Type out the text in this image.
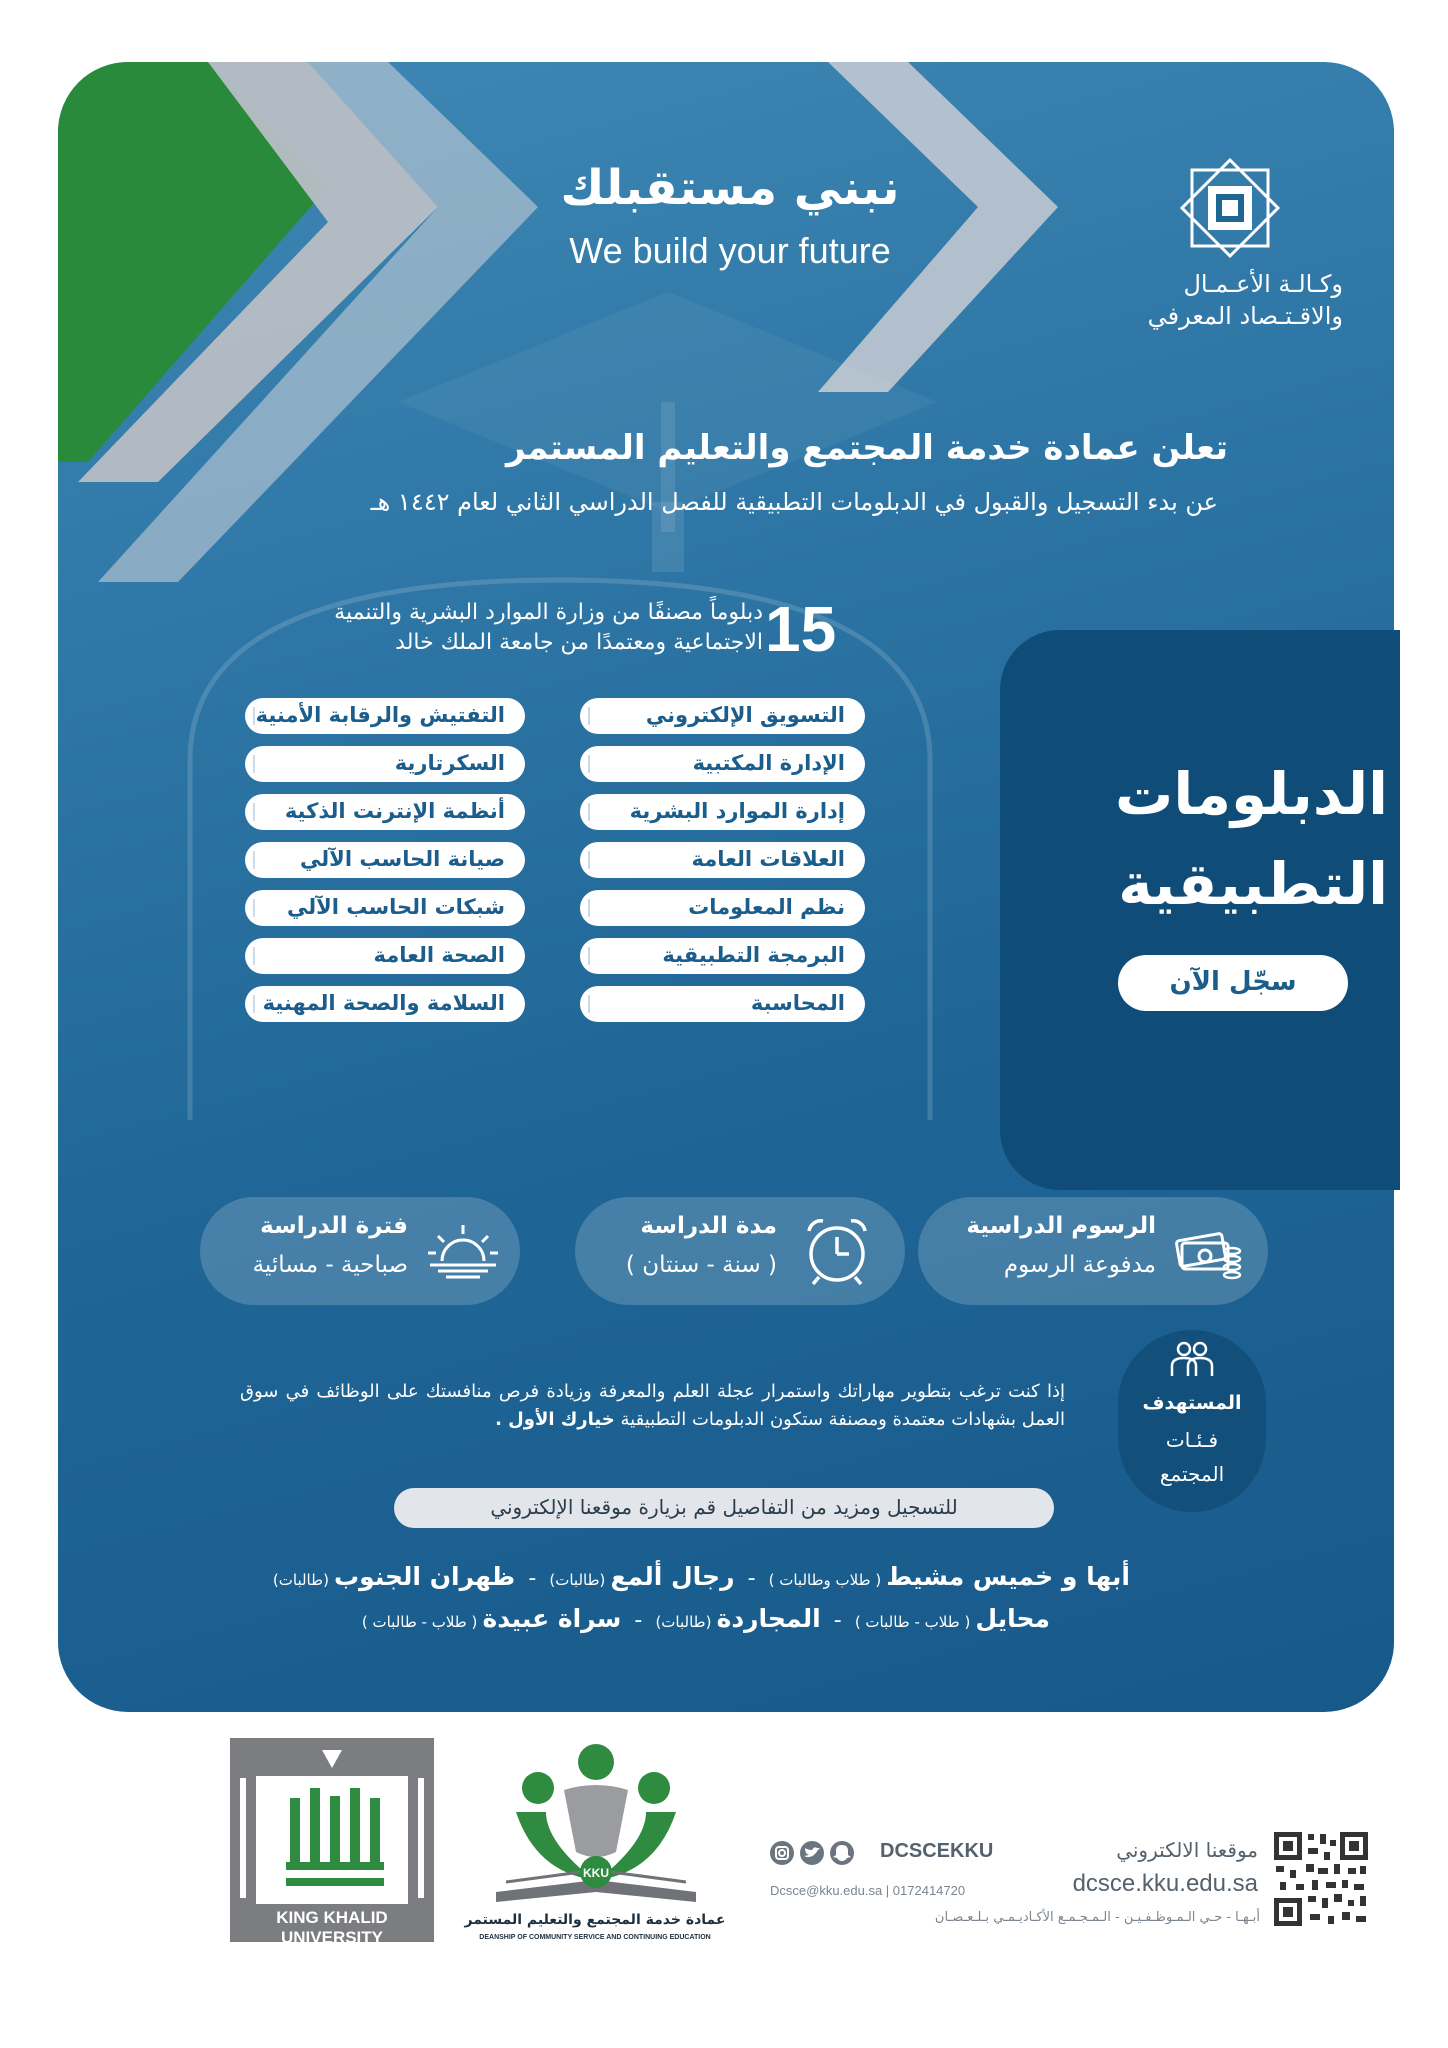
نبني مستقبلك
We build your future
وكـالـة الأعـمـال
والاقـتـصاد المعرفي
تعلن عمادة خدمة المجتمع والتعليم المستمر
عن بدء التسجيل والقبول في الدبلومات التطبيقية للفصل الدراسي الثاني لعام ١٤٤٢ هـ
15
دبلوماً مصنفًا من وزارة الموارد البشرية والتنمية
الاجتماعية ومعتمدًا من جامعة الملك خالد
التسويق الإلكتروني
الإدارة المكتبية
إدارة الموارد البشرية
العلاقات العامة
نظم المعلومات
البرمجة التطبيقية
المحاسبة
التفتيش والرقابة الأمنية
السكرتارية
أنظمة الإنترنت الذكية
صيانة الحاسب الآلي
شبكات الحاسب الآلي
الصحة العامة
السلامة والصحة المهنية
الدبلومات
التطبيقية
سجّل الآن
الرسوم الدراسية
مدفوعة الرسوم
مدة الدراسة
( سنة - سنتان )
فترة الدراسة
صباحية - مسائية
المستهدف
فـئـات
المجتمع
إذا كنت ترغب بتطوير مهاراتك واستمرار عجلة العلم والمعرفة وزيادة فرص منافستك على الوظائف في سوق العمل بشهادات معتمدة ومصنفة ستكون الدبلومات التطبيقية خيارك الأول .
للتسجيل ومزيد من التفاصيل قم بزيارة موقعنا الإلكتروني
أبها و خميس مشيط ( طلاب وطالبات ) - رجال ألمع (طالبات) - ظهران الجنوب (طالبات)
محايل ( طلاب - طالبات ) - المجاردة (طالبات) - سراة عبيدة ( طلاب - طالبات )
KING KHALID UNIVERSITY
KKU
عمادة خدمة المجتمع والتعليم المستمر
DEANSHIP OF COMMUNITY SERVICE AND CONTINUING EDUCATION
DCSCEKKU
Dcsce@kku.edu.sa | 0172414720
موقعنا الالكتروني
dcsce.kku.edu.sa
أبـهـا - حـي الـمـوظـفـيـن - الـمـجـمـع الأكـاديـمـي بـلـعـصـان
